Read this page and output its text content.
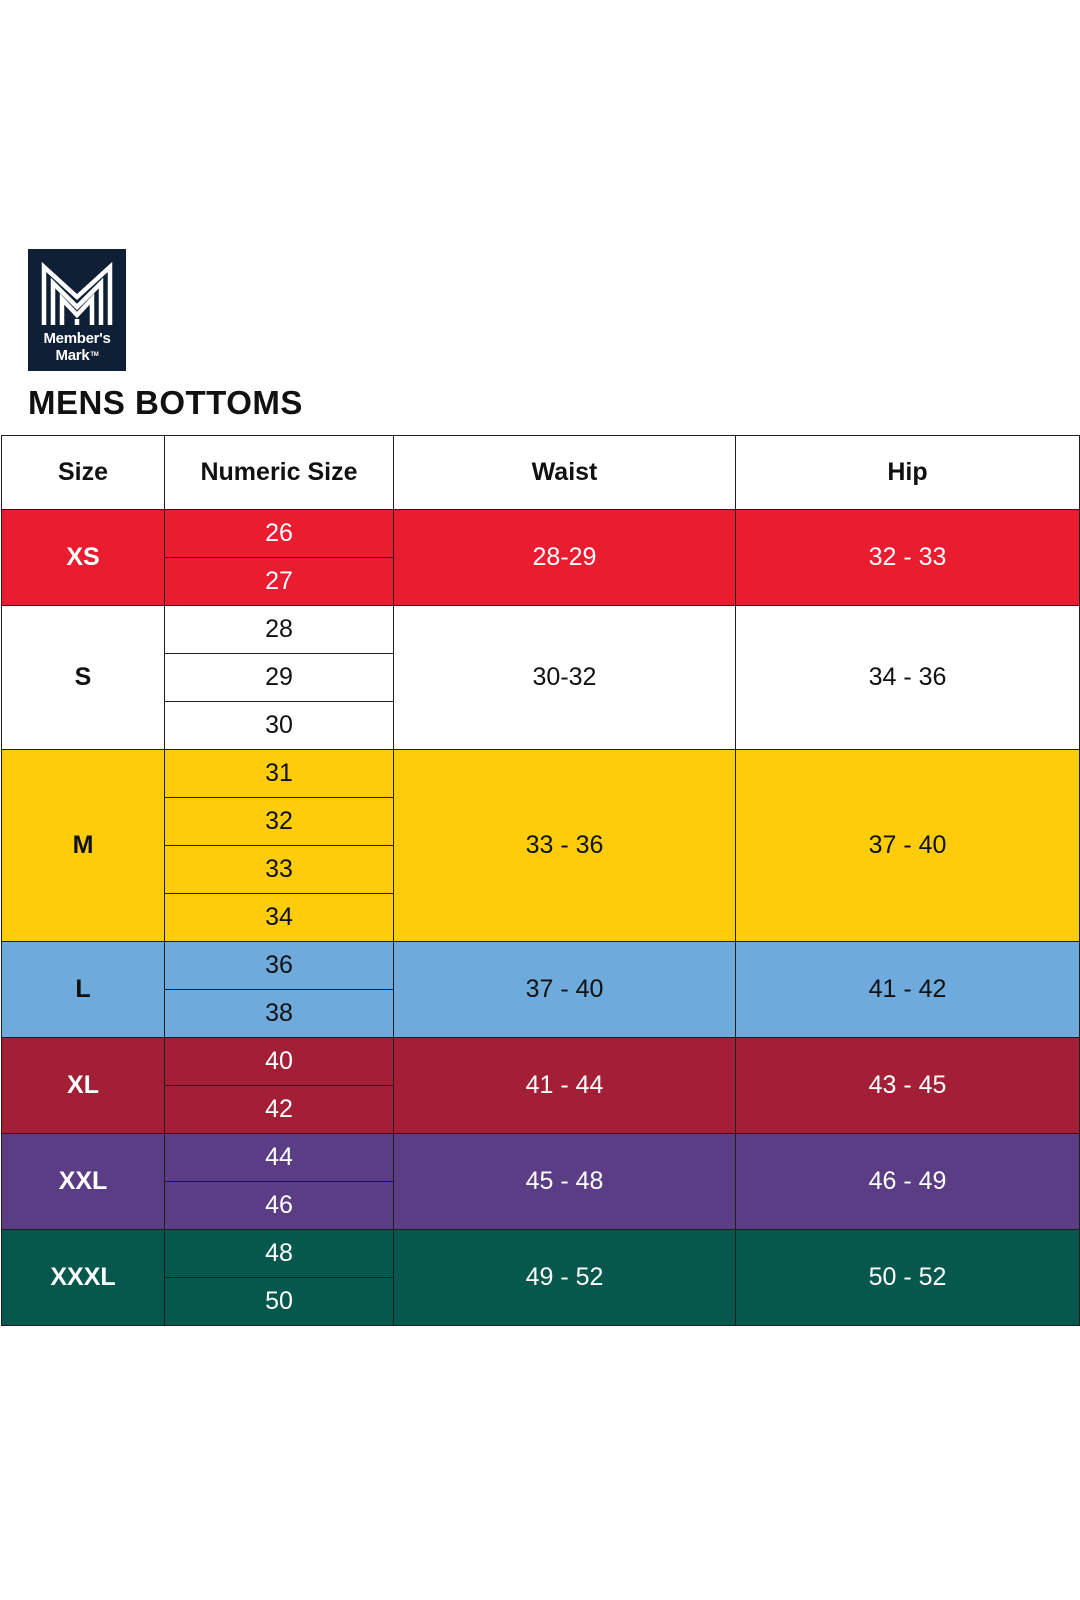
Member's
MarkTM
MENS BOTTOMS
Size	Numeric Size	Waist	Hip
XS	26	28-29	32 - 33
	27		
S	28	30-32	34 - 36
	29		
	30		
M	31	33 - 36	37 - 40
	32		
	33		
	34		
L	36	37 - 40	41 - 42
	38		
XL	40	41 - 44	43 - 45
	42		
XXL	44	45 - 48	46 - 49
	46		
XXXL	48	49 - 52	50 - 52
	50		
